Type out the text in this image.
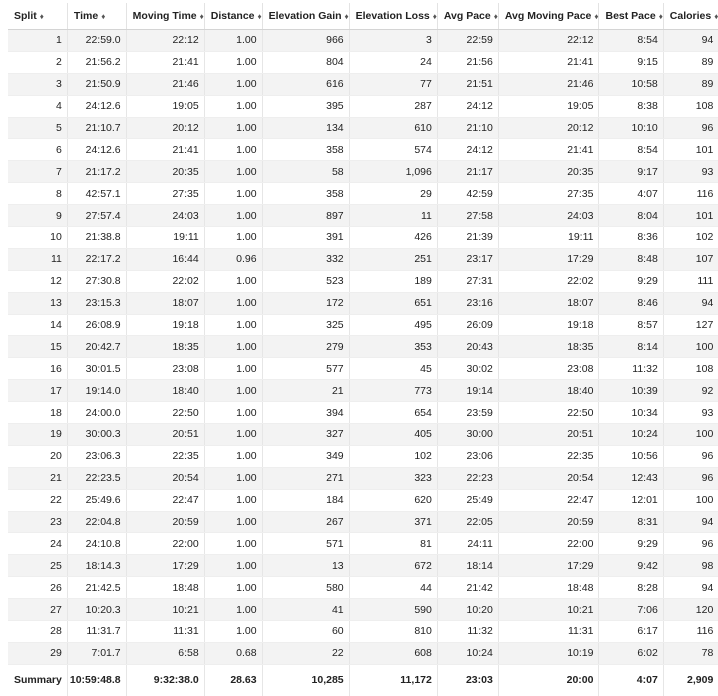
Split ♦	Time ♦	Moving Time ♦	Distance ♦	Elevation Gain ♦	Elevation Loss ♦	Avg Pace ♦	Avg Moving Pace ♦	Best Pace ♦	Calories ♦
1	22:59.0	22:12	1.00	966	3	22:59	22:12	8:54	94
2	21:56.2	21:41	1.00	804	24	21:56	21:41	9:15	89
3	21:50.9	21:46	1.00	616	77	21:51	21:46	10:58	89
4	24:12.6	19:05	1.00	395	287	24:12	19:05	8:38	108
5	21:10.7	20:12	1.00	134	610	21:10	20:12	10:10	96
6	24:12.6	21:41	1.00	358	574	24:12	21:41	8:54	101
7	21:17.2	20:35	1.00	58	1,096	21:17	20:35	9:17	93
8	42:57.1	27:35	1.00	358	29	42:59	27:35	4:07	116
9	27:57.4	24:03	1.00	897	11	27:58	24:03	8:04	101
10	21:38.8	19:11	1.00	391	426	21:39	19:11	8:36	102
11	22:17.2	16:44	0.96	332	251	23:17	17:29	8:48	107
12	27:30.8	22:02	1.00	523	189	27:31	22:02	9:29	111
13	23:15.3	18:07	1.00	172	651	23:16	18:07	8:46	94
14	26:08.9	19:18	1.00	325	495	26:09	19:18	8:57	127
15	20:42.7	18:35	1.00	279	353	20:43	18:35	8:14	100
16	30:01.5	23:08	1.00	577	45	30:02	23:08	11:32	108
17	19:14.0	18:40	1.00	21	773	19:14	18:40	10:39	92
18	24:00.0	22:50	1.00	394	654	23:59	22:50	10:34	93
19	30:00.3	20:51	1.00	327	405	30:00	20:51	10:24	100
20	23:06.3	22:35	1.00	349	102	23:06	22:35	10:56	96
21	22:23.5	20:54	1.00	271	323	22:23	20:54	12:43	96
22	25:49.6	22:47	1.00	184	620	25:49	22:47	12:01	100
23	22:04.8	20:59	1.00	267	371	22:05	20:59	8:31	94
24	24:10.8	22:00	1.00	571	81	24:11	22:00	9:29	96
25	18:14.3	17:29	1.00	13	672	18:14	17:29	9:42	98
26	21:42.5	18:48	1.00	580	44	21:42	18:48	8:28	94
27	10:20.3	10:21	1.00	41	590	10:20	10:21	7:06	120
28	11:31.7	11:31	1.00	60	810	11:32	11:31	6:17	116
29	7:01.7	6:58	0.68	22	608	10:24	10:19	6:02	78
Summary	10:59:48.8	9:32:38.0	28.63	10,285	11,172	23:03	20:00	4:07	2,909
